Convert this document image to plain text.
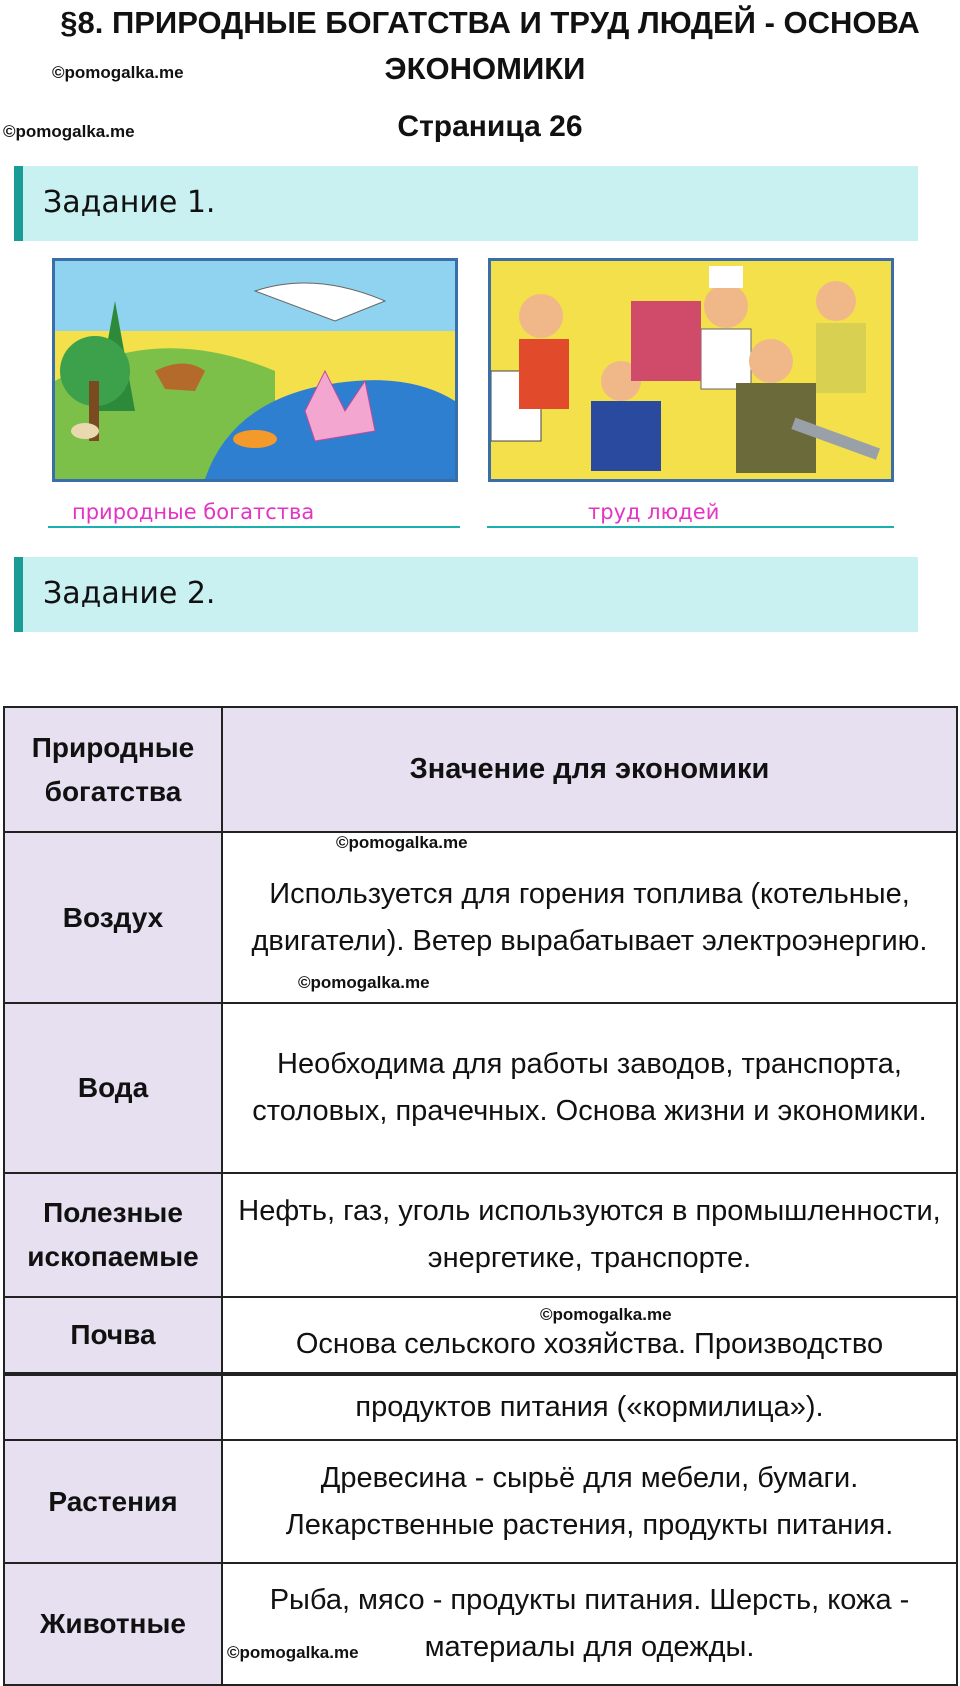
§8. ПРИРОДНЫЕ БОГАТСТВА И ТРУД ЛЮДЕЙ - ОСНОВА
ЭКОНОМИКИ
©pomogalka.me
©pomogalka.me	Страница 26
Задание 1.
природные богатства	труд людей
Задание 2.
Природные богатства	Значение для экономики
Воздух	Используется для горения топлива (котельные, двигатели). Ветер вырабатывает электроэнергию.
Вода	Необходима для работы заводов, транспорта, столовых, прачечных. Основа жизни и экономики.
Полезные ископаемые	Нефть, газ, уголь используются в промышленности, энергетике, транспорте.
Почва	Основа сельского хозяйства. Производство
	продуктов питания («кормилица»).
Растения	Древесина - сырьё для мебели, бумаги. Лекарственные растения, продукты питания.
Животные	Рыба, мясо - продукты питания. Шерсть, кожа - материалы для одежды.
©pomogalka.me
©pomogalka.me
©pomogalka.me
©pomogalka.me
